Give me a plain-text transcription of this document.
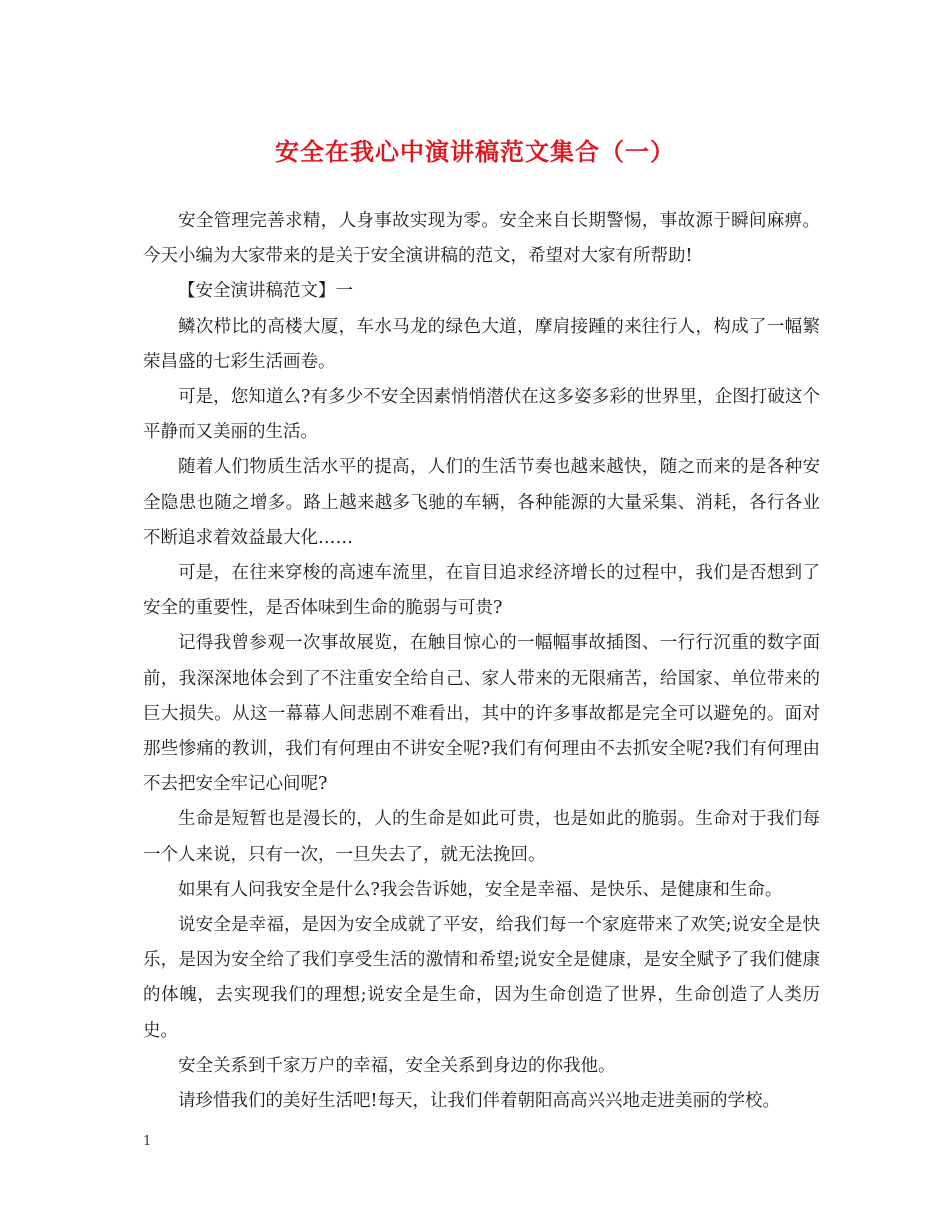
安全在我心中演讲稿范文集合（一）

安全管理完善求精，人身事故实现为零。安全来自长期警惕，事故源于瞬间麻痹。今天小编为大家带来的是关于安全演讲稿的范文，希望对大家有所帮助!

【安全演讲稿范文】一

鳞次栉比的高楼大厦，车水马龙的绿色大道，摩肩接踵的来往行人，构成了一幅繁荣昌盛的七彩生活画卷。

可是，您知道么?有多少不安全因素悄悄潜伏在这多姿多彩的世界里，企图打破这个平静而又美丽的生活。

随着人们物质生活水平的提高，人们的生活节奏也越来越快，随之而来的是各种安全隐患也随之增多。路上越来越多飞驰的车辆，各种能源的大量采集、消耗，各行各业不断追求着效益最大化……

可是，在往来穿梭的高速车流里，在盲目追求经济增长的过程中，我们是否想到了安全的重要性，是否体味到生命的脆弱与可贵?

记得我曾参观一次事故展览，在触目惊心的一幅幅事故插图、一行行沉重的数字面前，我深深地体会到了不注重安全给自己、家人带来的无限痛苦，给国家、单位带来的巨大损失。从这一幕幕人间悲剧不难看出，其中的许多事故都是完全可以避免的。面对那些惨痛的教训，我们有何理由不讲安全呢?我们有何理由不去抓安全呢?我们有何理由不去把安全牢记心间呢?

生命是短暂也是漫长的，人的生命是如此可贵，也是如此的脆弱。生命对于我们每一个人来说，只有一次，一旦失去了，就无法挽回。

如果有人问我安全是什么?我会告诉她，安全是幸福、是快乐、是健康和生命。

说安全是幸福，是因为安全成就了平安，给我们每一个家庭带来了欢笑;说安全是快乐，是因为安全给了我们享受生活的激情和希望;说安全是健康，是安全赋予了我们健康的体魄，去实现我们的理想;说安全是生命，因为生命创造了世界，生命创造了人类历史。

安全关系到千家万户的幸福，安全关系到身边的你我他。

请珍惜我们的美好生活吧!每天，让我们伴着朝阳高高兴兴地走进美丽的学校。

1
